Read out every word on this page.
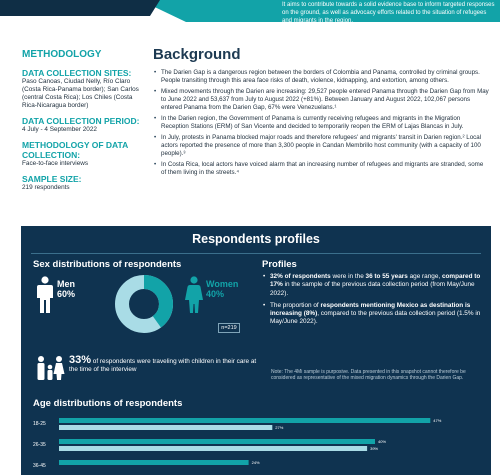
It aims to contribute towards a solid evidence base to inform targeted responses on the ground, as well as advocacy efforts related to the situation of refugees and migrants in the region.
METHODOLOGY
DATA COLLECTION SITES:
Paso Canoas, Ciudad Nelly, Río Claro (Costa Rica-Panama border); San Carlos (central Costa Rica); Los Chiles (Costa Rica-Nicaragua border)
DATA COLLECTION PERIOD:
4 July - 4 September 2022
METHODOLOGY OF DATA COLLECTION:
Face-to-face interviews
SAMPLE SIZE:
219 respondents
Background
• The Darien Gap is a dangerous region between the borders of Colombia and Panama, controlled by criminal groups. People transiting through this area face risks of death, violence, kidnapping, and extortion, among others.
• Mixed movements through the Darien are increasing: 29,527 people entered Panama through the Darien Gap from May to June 2022 and 53,637 from July to August 2022 (+81%). Between January and August 2022, 102,067 persons entered Panama from the Darien Gap, 67% were Venezuelans.¹
• In the Darien region, the Government of Panama is currently receiving refugees and migrants in the Migration Reception Stations (ERM) of San Vicente and decided to temporarily reopen the ERM of Lajas Blancas in July.
• In July, protests in Panama blocked major roads and therefore refugees' and migrants' transit in Darien region.² Local actors reported the presence of more than 3,300 people in Candan Membrillo host community (with a capacity of 100 people).³
• In Costa Rica, local actors have voiced alarm that an increasing number of refugees and migrants are stranded, some of them living in the streets.⁴
Respondents profiles
Sex distributions of respondents	Profiles
Men
60%
Women
40%
n=219
• 32% of respondents were in the 36 to 55 years age range, compared to 17% in the sample of the previous data collection period (from May/June 2022).
• The proportion of respondents mentioning Mexico as destination is increasing (8%), compared to the previous data collection period (1.5% in May/June 2022).
Note: The 4Mi sample is purposive. Data presented in this snapshot cannot therefore be considered as representative of the mixed migration dynamics through the Darien Gap.
33% of respondents were traveling with children in their care at the time of the interview
Age distributions of respondents
18-25
47%
27%
26-35
40%
39%
36-45
24%
